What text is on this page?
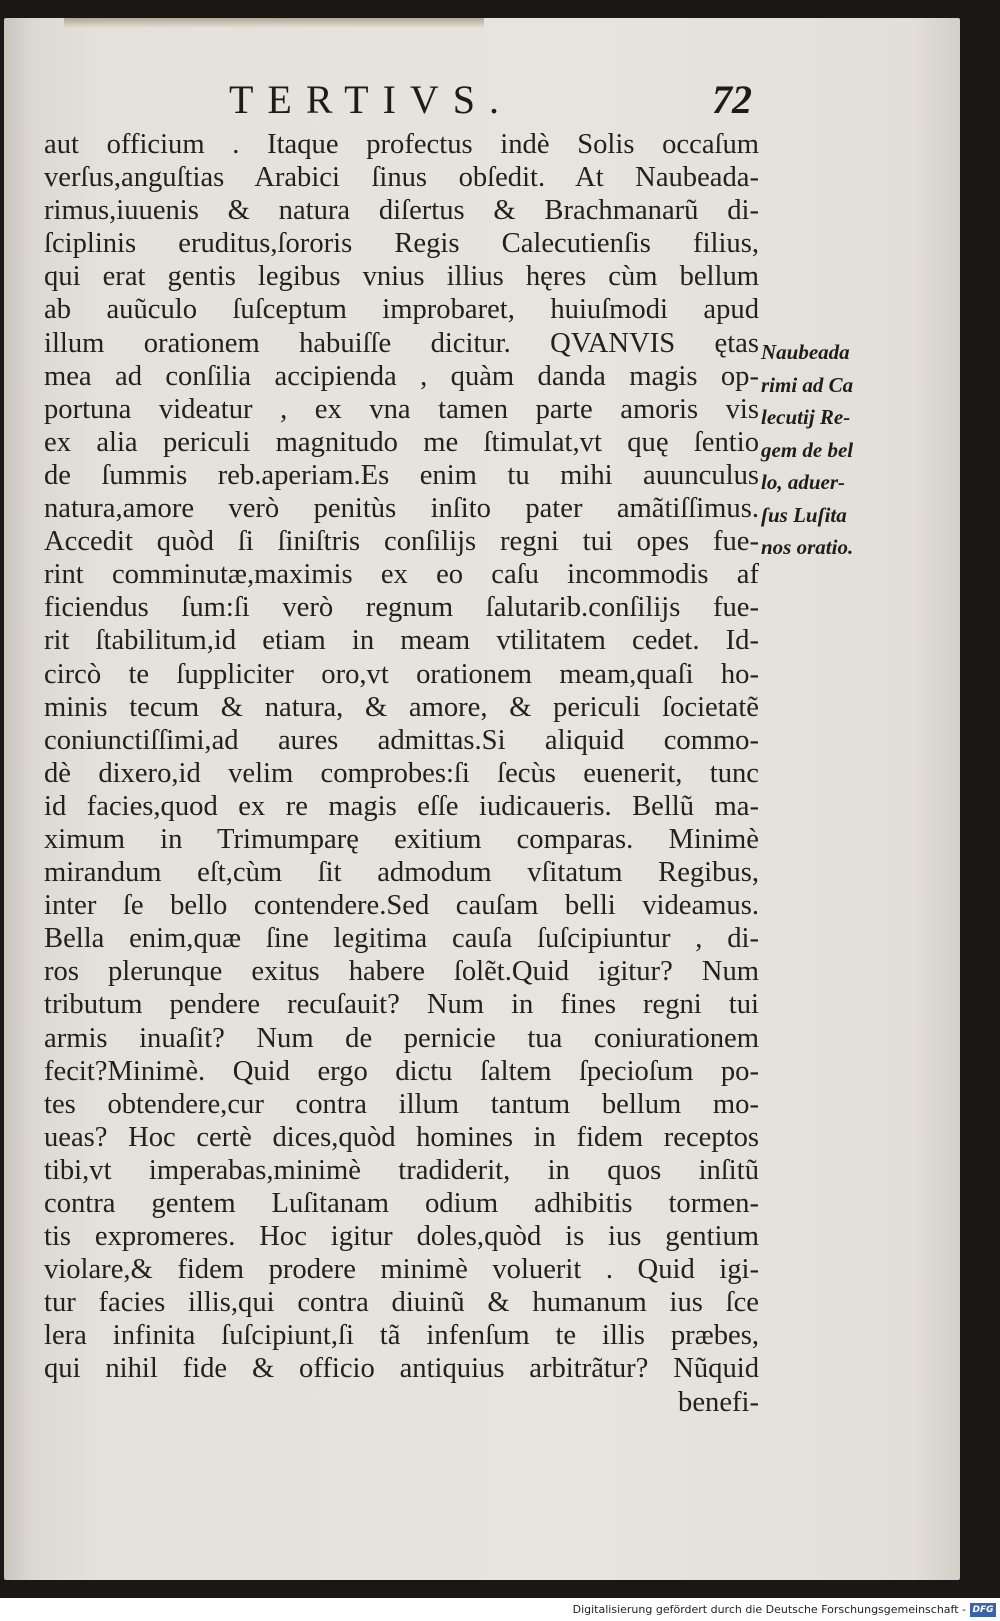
TERTIVS.	72
aut officium . Itaque profectus indè Solis occaſum
verſus,anguſtias Arabici ſinus obſedit. At Naubeada-
rimus,iuuenis & natura diſertus & Brachmanarũ di-
ſciplinis eruditus,ſororis Regis Calecutienſis filius,
qui erat gentis legibus vnius illius hęres cùm bellum
ab auũculo ſuſceptum improbaret, huiuſmodi apud
illum orationem habuiſſe dicitur. QVANVIS ętas
mea ad conſilia accipienda , quàm danda magis op-
portuna videatur , ex vna tamen parte amoris vis
ex alia periculi magnitudo me ſtimulat,vt quę ſentio
de ſummis reb.aperiam.Es enim tu mihi auunculus
natura,amore verò penitùs inſito pater amãtiſſimus.
Accedit quòd ſi ſiniſtris conſilijs regni tui opes fue-
rint comminutæ,maximis ex eo caſu incommodis af
ficiendus ſum:ſi verò regnum ſalutarib.conſilijs fue-
rit ſtabilitum,id etiam in meam vtilitatem cedet. Id-
circò te ſuppliciter oro,vt orationem meam,quaſi ho-
minis tecum & natura, & amore, & periculi ſocietatẽ
coniunctiſſimi,ad aures admittas.Si aliquid commo-
dè dixero,id velim comprobes:ſi ſecùs euenerit, tunc
id facies,quod ex re magis eſſe iudicaueris. Bellũ ma-
ximum in Trimumparę exitium comparas. Minimè
mirandum eſt,cùm ſit admodum vſitatum Regibus,
inter ſe bello contendere.Sed cauſam belli videamus.
Bella enim,quæ ſine legitima cauſa ſuſcipiuntur , di-
ros plerunque exitus habere ſolẽt.Quid igitur? Num
tributum pendere recuſauit? Num in fines regni tui
armis inuaſit? Num de pernicie tua coniurationem
fecit?Minimè. Quid ergo dictu ſaltem ſpecioſum po-
tes obtendere,cur contra illum tantum bellum mo-
ueas? Hoc certè dices,quòd homines in fidem receptos
tibi,vt imperabas,minimè tradiderit, in quos inſitũ
contra gentem Luſitanam odium adhibitis tormen-
tis expromeres. Hoc igitur doles,quòd is ius gentium
violare,& fidem prodere minimè voluerit . Quid igi-
tur facies illis,qui contra diuinũ & humanum ius ſce
lera infinita ſuſcipiunt,ſi tã infenſum te illis præbes,
qui nihil fide & officio antiquius arbitrãtur? Nũquid
benefi-
Naubeada
rimi ad Ca
lecutij Re-
gem de bel
lo, aduer-
ſus Luſita
nos oratio.
Digitalisierung gefördert durch die Deutsche Forschungsgemeinschaft - DFG
